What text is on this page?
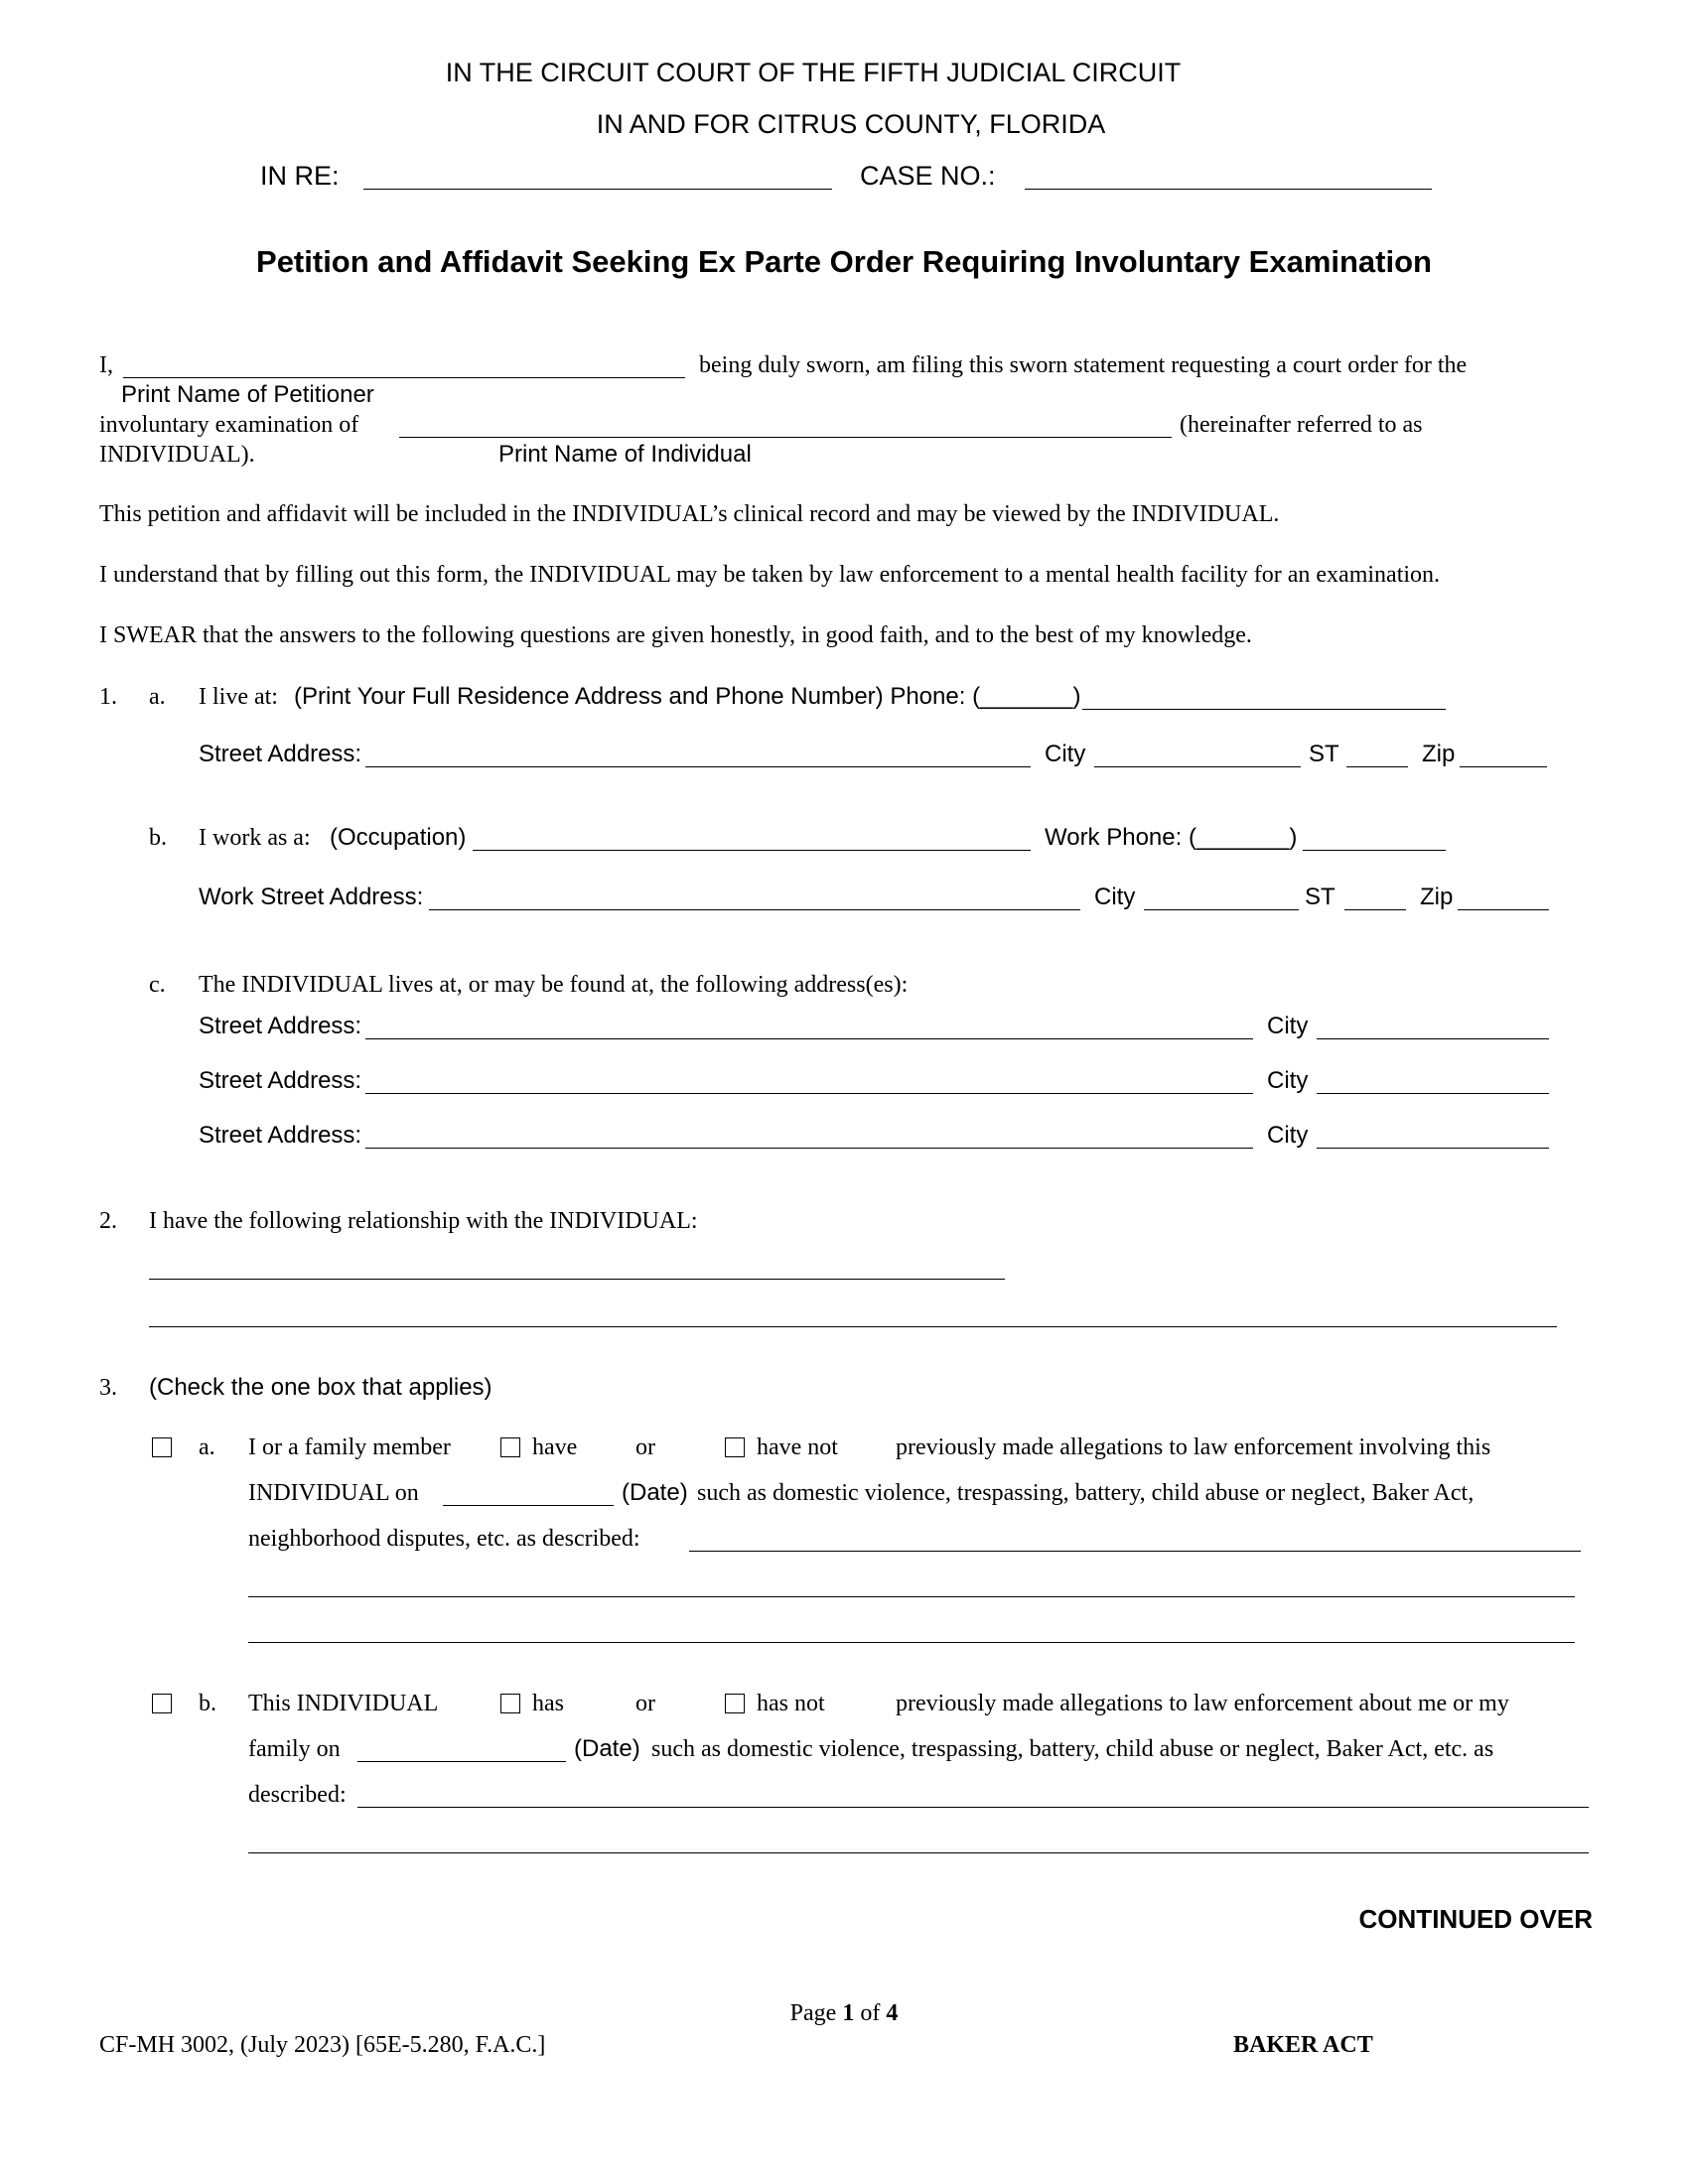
IN THE CIRCUIT COURT OF THE FIFTH JUDICIAL CIRCUIT
IN AND FOR CITRUS COUNTY, FLORIDA
IN RE:	CASE NO.:
Petition and Affidavit Seeking Ex Parte Order Requiring Involuntary Examination
I,	being duly sworn, am filing this sworn statement requesting a court order for the
Print Name of Petitioner
involuntary examination of	(hereinafter referred to as
INDIVIDUAL).	Print Name of Individual
This petition and affidavit will be included in the INDIVIDUAL’s clinical record and may be viewed by the INDIVIDUAL.
I understand that by filling out this form, the INDIVIDUAL may be taken by law enforcement to a mental health facility for an examination.
I SWEAR that the answers to the following questions are given honestly, in good faith, and to the best of my knowledge.
1. a. I live at: (Print Your Full Residence Address and Phone Number) Phone: (_______)
Street Address:	City	ST	Zip
b. I work as a: (Occupation)	Work Phone: (_______)
Work Street Address:	City	ST	Zip
c. The INDIVIDUAL lives at, or may be found at, the following address(es):
Street Address:	City
Street Address:	City
Street Address:	City
2. I have the following relationship with the INDIVIDUAL:
3. (Check the one box that applies)
a. I or a family member	have or	have not previously made allegations to law enforcement involving this
INDIVIDUAL on	(Date) such as domestic violence, trespassing, battery, child abuse or neglect, Baker Act,
neighborhood disputes, etc. as described:
b. This INDIVIDUAL	has	or	has not	previously made allegations to law enforcement about me or my
family on	(Date) such as domestic violence, trespassing, battery, child abuse or neglect, Baker Act, etc. as
described:
CONTINUED OVER
Page 1 of 4
CF-MH 3002, (July 2023) [65E-5.280, F.A.C.]	BAKER ACT
